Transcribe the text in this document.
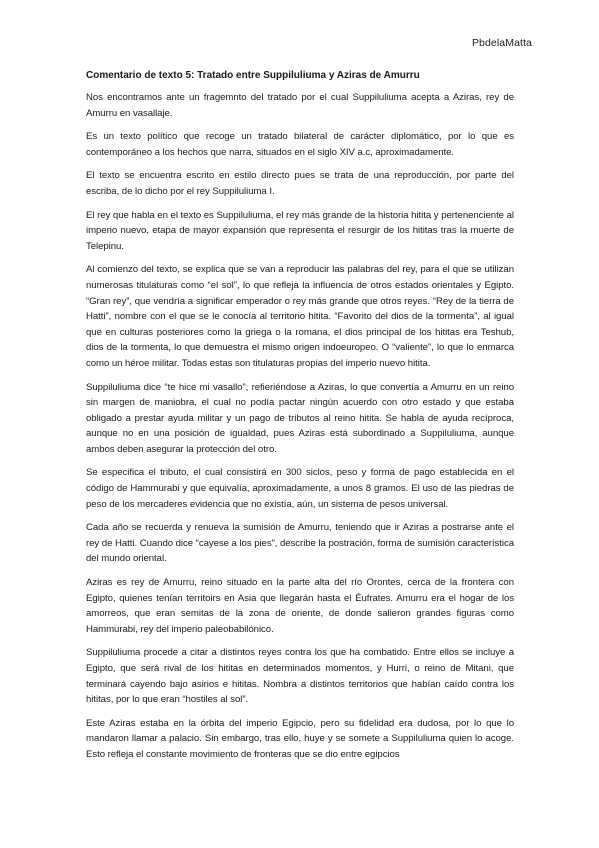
PbdelaMatta

Comentario de texto 5: Tratado entre Suppiluliuma y Aziras de Amurru

Nos encontramos ante un fragemnto del tratado por el cual Suppiluliuma acepta a Aziras, rey de Amurru en vasallaje.

Es un texto político que recoge un tratado bilateral de carácter diplomático, por lo que es contemporáneo a los hechos que narra, situados en el siglo XIV a.c, aproximadamente.

El texto se encuentra escrito en estilo directo pues se trata de una reproducción, por parte del escriba, de lo dicho por el rey Suppiluliuma I.

El rey que habla en el texto es Suppiluliuma, el rey más grande de la historia hitita y pertenenciente al imperio nuevo, etapa de mayor expansión que representa el resurgir de los hititas tras la muerte de Telepinu.

Al comienzo del texto, se explica que se van a reproducir las palabras del rey, para el que se utilizan numerosas titulaturas como “el sol”, lo que refleja la influencia de otros estados orientales y Egipto. “Gran rey”, que vendría a significar emperador o rey más grande que otros reyes. “Rey de la tierra de Hatti”, nombre con el que se le conocía al territorio hitita. “Favorito del dios de la tormenta”, al igual que en culturas posteriores como la griega o la romana, el dios principal de los hititas era Teshub, dios de la tormenta, lo que demuestra el mismo origen indoeuropeo. O “valiente”, lo que lo enmarca como un héroe militar. Todas estas son titulaturas propias del imperio nuevo hitita.

Suppiluliuma dice “te hice mi vasallo”, refieriéndose a Aziras, lo que convertía a Amurru en un reino sin margen de maniobra, el cual no podía pactar ningún acuerdo con otro estado y que estaba obligado a prestar ayuda militar y un pago de tributos al reino hitita. Se habla de ayuda recíproca, aunque no en una posición de igualdad, pues Aziras está subordinado a Suppiluliuma, aunque ambos deben asegurar la protección del otro.

Se especifica el tributo, el cual consistirá en 300 siclos, peso y forma de pago establecida en el código de Hammurabi y que equivalía, aproximadamente, a unos 8 gramos. El uso de las piedras de peso de los mercaderes evidencia que no existía, aún, un sistema de pesos universal.

Cada año se recuerda y renueva la sumisión de Amurru, teniendo que ir Aziras a postrarse ante el rey de Hatti. Cuando dice “cayese a los pies”, describe la postración, forma de sumisión característica del mundo oriental.

Aziras es rey de Amurru, reino situado en la parte alta del río Orontes, cerca de la frontera con Egipto, quienes tenían territoirs en Asia que llegarán hasta el Éufrates. Amurru era el hogar de los amorreos, que eran semitas de la zona de oriente, de donde salieron grandes figuras como Hammurabi, rey del imperio paleobabilónico.

Suppiluliuma procede a citar a distintos reyes contra los que ha combatido. Entre ellos se incluye a Egipto, que será rival de los hititas en determinados momentos, y Hurri, o reino de Mitani, que terminará cayendo bajo asirios e hititas. Nombra a distintos territorios que habían caído contra los hititas, por lo que eran “hostiles al sol”.

Este Aziras estaba en la órbita del imperio Egipcio, pero su fidelidad era dudosa, por lo que lo mandaron llamar a palacio. Sin embargo, tras ello, huye y se somete a Suppiluliuma quien lo acoge. Esto refleja el constante movimiento de fronteras que se dio entre egipcios
